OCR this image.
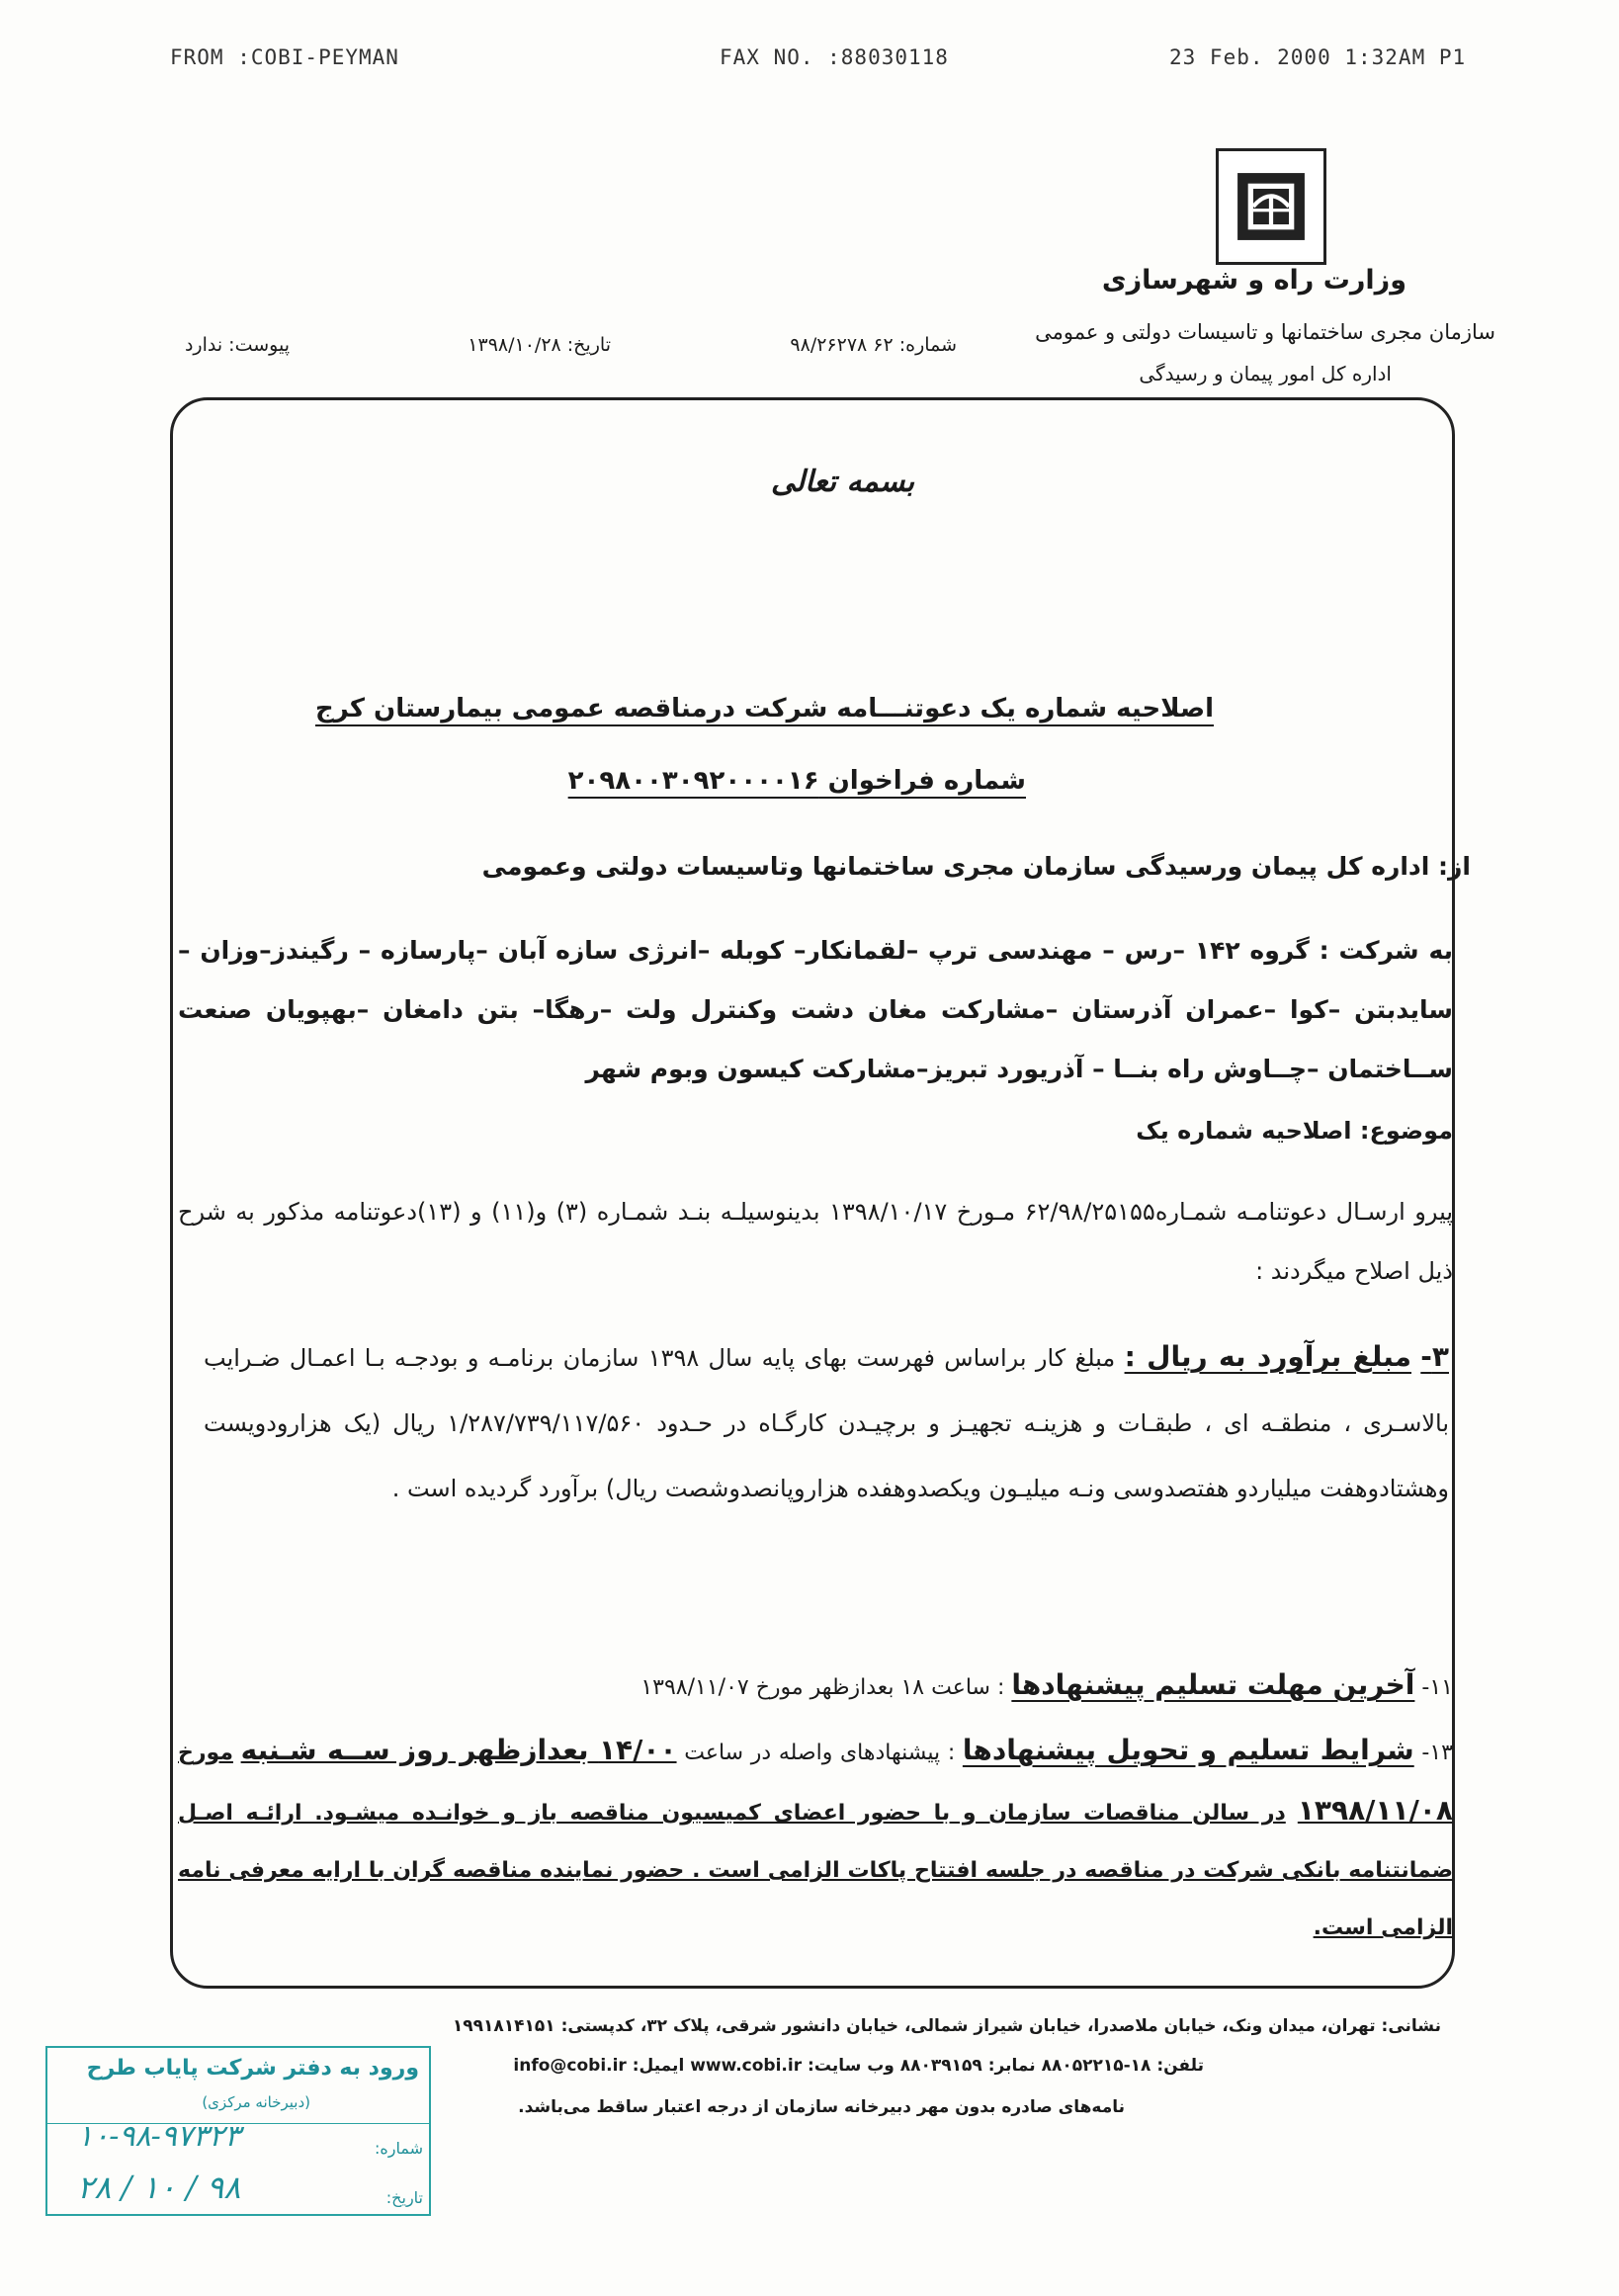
FROM :COBI-PEYMAN	FAX NO. :88030118	23 Feb. 2000 1:32AM P1
وزارت راه و شهرسازی
سازمان مجری ساختمانها و تاسیسات دولتی و عمومی
اداره کل امور پیمان و رسیدگی
شماره: ۶۲ ۹۸/۲۶۲۷۸
تاریخ: ۱۳۹۸/۱۰/۲۸
پیوست: ندارد
بسمه تعالی
اصلاحیه شماره یک دعوتنـــامه شرکت درمناقصه عمومی بیمارستان کرج
شماره فراخوان ۲۰۹۸۰۰۳۰۹۲۰۰۰۰۱۶
از: اداره کل پیمان ورسیدگی سازمان مجری ساختمانها وتاسیسات دولتی وعمومی
به شرکت : گروه ۱۴۲ –رس – مهندسی ترپ –لقمانکار– کوبله –انرژی سازه آبان –پارسازه – رگیندز–وزان –سایدبتن –کوا –عمران آذرستان –مشارکت مغان دشت وکنترل ولت –رهگا– بتن دامغان –بهپویان صنعت ســاختمان –چــاوش راه بنــا – آذریورد تبریز–مشارکت کیسون وبوم شهر
موضوع: اصلاحیه شماره یک
پیرو ارسـال دعوتنامـه شمـاره۶۲/۹۸/۲۵۱۵۵ مـورخ ۱۳۹۸/۱۰/۱۷ بدینوسیلـه بنـد شمـاره (۳) و(۱۱) و (۱۳)دعوتنامه مذکور به شرح ذیل اصلاح میگردند :
۳- مبلغ برآورد به ریال : مبلغ کار براساس فهرست بهای پایه سال ۱۳۹۸ سازمان برنامـه و بودجـه بـا اعمـال ضـرایب بالاسـری ، منطقـه ای ، طبقـات و هزینـه تجهیـز و برچیـدن کارگـاه در حـدود ۱/۲۸۷/۷۳۹/۱۱۷/۵۶۰ ریال (یک هزارودویست وهشتادوهفت میلیاردو هفتصدوسی ونـه میلیـون ویکصدوهفده هزاروپانصدوشصت ریال) برآورد گردیده است .
۱۱- آخرین مهلت تسلیم پیشنهادها : ساعت ۱۸ بعدازظهر مورخ ۱۳۹۸/۱۱/۰۷
۱۳- شرایط تسلیم و تحویل پیشنهادها : پیشنهادهای واصله در ساعت ۱۴/۰۰ بعدازظهر روز ســه شـنبه مورخ ۱۳۹۸/۱۱/۰۸ در سالن مناقصات سازمان و با حضور اعضای کمیسیون مناقصه باز و خوانـده میشـود. ارائـه اصـل ضمانتنامه بانکی شرکت در مناقصه در جلسه افتتاح پاکات الزامی است . حضور نماینده مناقصه گران با ارایه معرفی نامه الزامی است.
نشانی: تهران، میدان ونک، خیابان ملاصدرا، خیابان شیراز شمالی، خیابان دانشور شرقی، پلاک ۳۲، کدپستی: ۱۹۹۱۸۱۴۱۵۱
تلفن: ۱۸-۸۸۰۵۲۲۱۵ نمابر: ۸۸۰۳۹۱۵۹ وب سایت: www.cobi.ir ایمیل: info@cobi.ir
نامه‌های صادره بدون مهر دبیرخانه سازمان از درجه اعتبار ساقط می‌باشد.
ورود به دفتر شرکت پایاب طرح
(دبیرخانه مرکزی)
شماره:
۱۰-۹۸-۹۷۳۲۳
تاریخ:
۹۸ / ۱۰ / ۲۸
